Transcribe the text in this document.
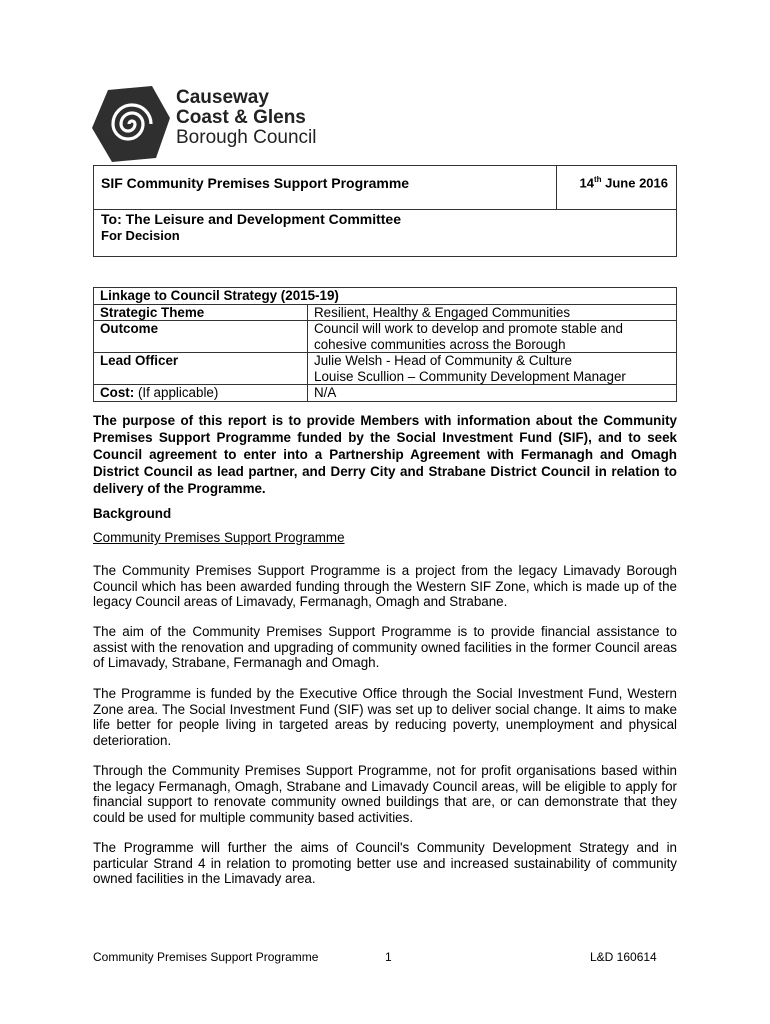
Causeway
Coast & Glens
Borough Council
SIF Community Premises Support Programme	14th June 2016
To: The Leisure and Development Committee
For Decision
Linkage to Council Strategy (2015-19)	
Strategic Theme	Resilient, Healthy & Engaged Communities
Outcome	Council will work to develop and promote stable and cohesive communities across the Borough
Lead Officer	Julie Welsh - Head of Community & Culture
Louise Scullion – Community Development Manager

Cost: (If applicable)	N/A
The purpose of this report is to provide Members with information about the Community Premises Support Programme funded by the Social Investment Fund (SIF), and to seek Council agreement to enter into a Partnership Agreement with Fermanagh and Omagh District Council as lead partner, and Derry City and Strabane District Council in relation to delivery of the Programme.
Background
Community Premises Support Programme
The Community Premises Support Programme is a project from the legacy Limavady Borough Council which has been awarded funding through the Western SIF Zone, which is made up of the legacy Council areas of Limavady, Fermanagh, Omagh and Strabane.
The aim of the Community Premises Support Programme is to provide financial assistance to assist with the renovation and upgrading of community owned facilities in the former Council areas of Limavady, Strabane, Fermanagh and Omagh.
The Programme is funded by the Executive Office through the Social Investment Fund, Western Zone area. The Social Investment Fund (SIF) was set up to deliver social change. It aims to make life better for people living in targeted areas by reducing poverty, unemployment and physical deterioration.
Through the Community Premises Support Programme, not for profit organisations based within the legacy Fermanagh, Omagh, Strabane and Limavady Council areas, will be eligible to apply for financial support to renovate community owned buildings that are, or can demonstrate that they could be used for multiple community based activities.
The Programme will further the aims of Council's Community Development Strategy and in particular Strand 4 in relation to promoting better use and increased sustainability of community owned facilities in the Limavady area.
Community Premises Support Programme	1	L&D 160614
